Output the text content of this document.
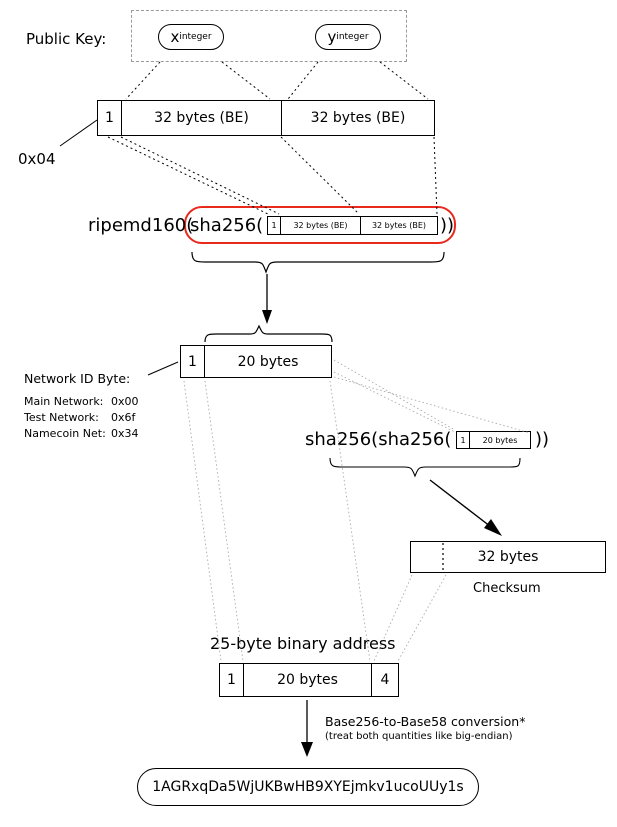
Public Key:	x integer	y integer
1	32 bytes (BE)	32 bytes (BE)
0x04
ripemd160(
sha256( 1 32 bytes (BE)	32 bytes (BE) ))
1	20 bytes
Network ID Byte:
Main Network: 0x00
Test Network: 0x6f
Namecoin Net: 0x34	sha256(sha256( 1 20 bytes ))
32 bytes
Checksum
25-byte binary address
1	20 bytes	4
Base256-to-Base58 conversion*
(treat both quantities like big-endian)
1AGRxqDa5WjUKBwHB9XYEjmkv1ucoUUy1s
